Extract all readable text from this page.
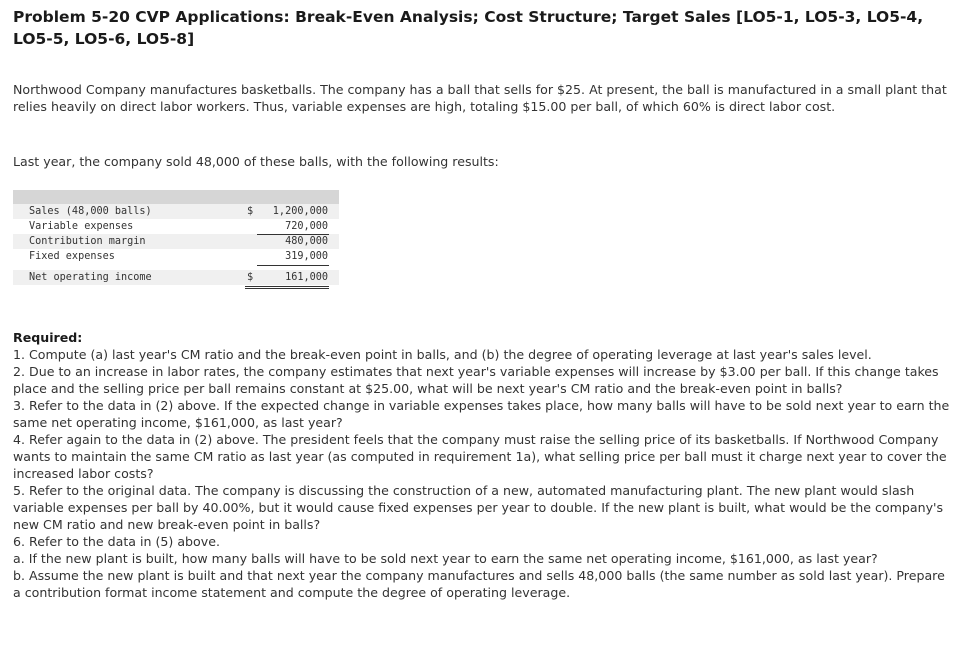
Problem 5-20 CVP Applications: Break-Even Analysis; Cost Structure; Target Sales [LO5-1, LO5-3, LO5-4, LO5-5, LO5-6, LO5-8]

Northwood Company manufactures basketballs. The company has a ball that sells for $25. At present, the ball is manufactured in a small plant that relies heavily on direct labor workers. Thus, variable expenses are high, totaling $15.00 per ball, of which 60% is direct labor cost.

Last year, the company sold 48,000 of these balls, with the following results:

Sales (48,000 balls)	$	1,200,000
Variable expenses	720,000
Contribution margin	480,000
Fixed expenses	319,000
Net operating income	$	161,000
Required:
1. Compute (a) last year's CM ratio and the break-even point in balls, and (b) the degree of operating leverage at last year's sales level.
2. Due to an increase in labor rates, the company estimates that next year's variable expenses will increase by $3.00 per ball. If this change takes place and the selling price per ball remains constant at $25.00, what will be next year's CM ratio and the break-even point in balls?
3. Refer to the data in (2) above. If the expected change in variable expenses takes place, how many balls will have to be sold next year to earn the same net operating income, $161,000, as last year?
4. Refer again to the data in (2) above. The president feels that the company must raise the selling price of its basketballs. If Northwood Company wants to maintain the same CM ratio as last year (as computed in requirement 1a), what selling price per ball must it charge next year to cover the increased labor costs?
5. Refer to the original data. The company is discussing the construction of a new, automated manufacturing plant. The new plant would slash variable expenses per ball by 40.00%, but it would cause fixed expenses per year to double. If the new plant is built, what would be the company's new CM ratio and new break-even point in balls?
6. Refer to the data in (5) above.
a. If the new plant is built, how many balls will have to be sold next year to earn the same net operating income, $161,000, as last year?
b. Assume the new plant is built and that next year the company manufactures and sells 48,000 balls (the same number as sold last year). Prepare a contribution format income statement and compute the degree of operating leverage.
